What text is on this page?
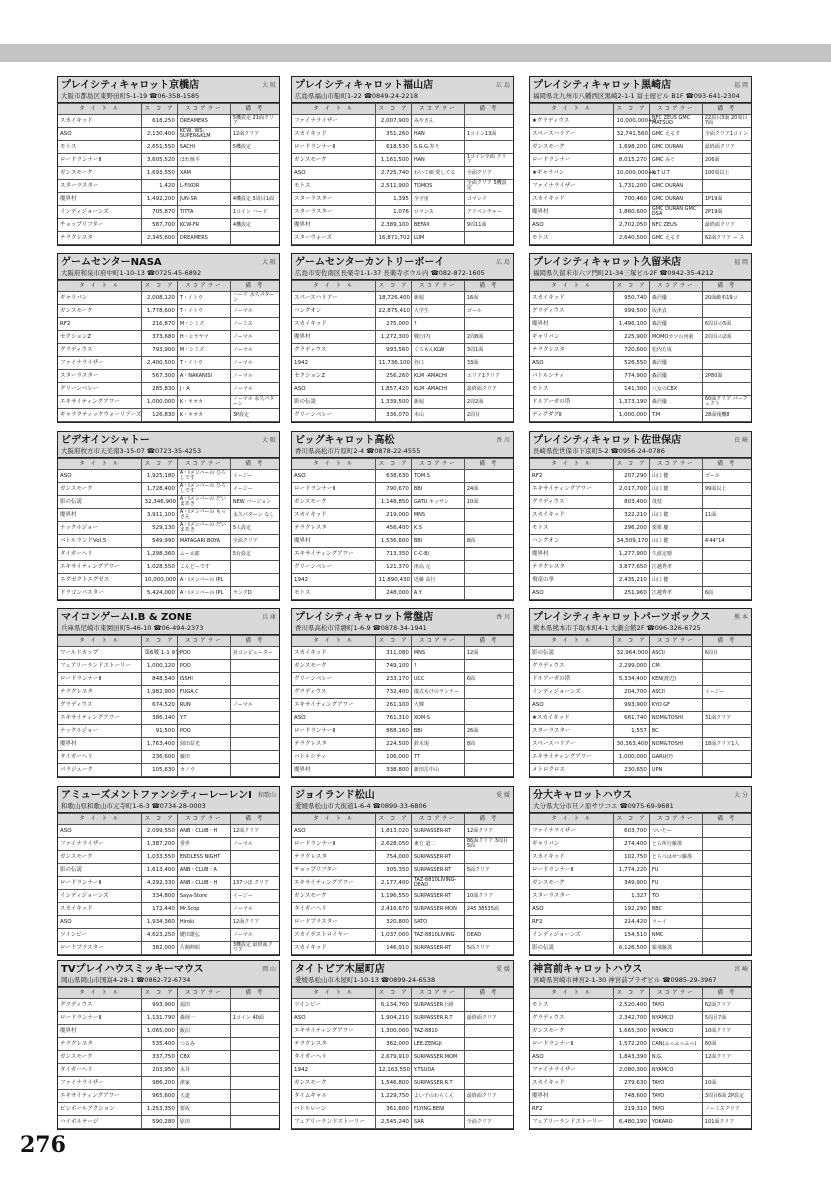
プレイシティキャロット京橋店	大 阪
大阪市都島区東野田町5-1-19 ☎06-358-1585
タ イ ト ル	ス コ ア	スコアラー	備 考
スカイキッド	618,250	DREAMERS	5機設定 21面クリア
ASO	2,130,400	KCW, WS, SUPER&KLM	12面クリア
モトス	2,651,550	SACHI	5機設定
ロードランナーⅡ	3,605,520	ほれ核平	
ガンスモーク	1,693,550	XAM	
スターラスター	1,420	L-FIXOR	
魔界村	1,492,200	JUN-SR	4機設定 5周目1面
インディジョーンズ	705,870	TITTA	1コイン ハード
チョップリフター	587,700	KCW-FR	4機設定
テラクレスタ	2,345,600	DREAMERS	
プレイシティキャロット福山店	広 島
広島県福山市船町1-22 ☎0849-24-2218
タ イ ト ル	ス コ ア	スコアラー	備 考
ファイナライザー	2,007,900	みやさん	
スカイキッド	351,260	HAN	1コイン13面
ロードランナーⅡ	618,530	S.G.G.寿り	
ガンスモーク	1,161,500	HAN	1コイン全面 クリア
ASO	2,725,740	わいて痛 愛してる	全面クリア
モトス	2,511,900	TOMOS	全面クリア 5機設定
スターラスター	1,395	全宇宙	コマンド
スターラスター	1,076	ロマンス	アドベンチャー
魔界村	2,389,100	BEFAX	9周11面
スターウォーズ	16,871,702	LUM	
プレイシティキャロット黒崎店	福 岡
福岡県北九州市八幡西区黒崎2-1-1 富士屋ビル B1F ☎093-641-2304
タ イ ト ル	ス コ ア	スコアラー	備 考
★グラディウス	10,000,000+α	NFC ZEUS GMC MATSUO	22周目3面 20周目7面
スペースハリアー	32,741,560	GMC えるす	全面クリア1コイン
ガンスモーク	1,698,200	GMC DURAN	最終面クリア
ロードランナー	8,015,270	GMC みぐ	206面
★ギャラバン	10,000,000+α	K.T U.T	100周以上
ファイナライザー	1,731,200	GMC DURAN	
スカイキッド	700,460	GMC DURAN	1P19面
魔界村	1,860,600	GMC DURAN GMC DSA	2P19面
ASO	2,702,050	NFC ZEUS	最終面クリア
モトス	2,640,500	GMC えるす	62面クリア ー ス
ゲームセンターNASA	大 阪
大阪府和泉市府中町1-10-13 ☎0725-45-6892
タ イ ト ル	ス コ ア	スコアラー	備 考
ギャリバン	2,008,120	T・イトウ	ハード 永久パターン
ガンスモーク	1,778,600	T・イトウ	ノーマル
RF2	216,870	M・シミズ	ノーミス
セクションZ	373,680	H・ヒラヤマ	ノーマル
グラディウス	793,900	M・シミズ	ノーマル
ファイナライザー	2,400,500	T・イトウ	ノーマル
スターラスター	567,300	A・NAKANISI	ノーマル
グリーンベレー	285,830	J・A	ノーマル
エキサイティングアワー	1,000,000	K・キオカ	ノーマル 永久パターン
ギャラクティックウォーリアーズ	126,830	K・キオカ	3P設定
ゲームセンターカントリーボーイ	広 島
広島市安佐南区長楽寺1-1-37 長楽寺ボウル内 ☎082-872-1605
タ イ ト ル	ス コ ア	スコアラー	備 考
スペースハリアー	18,726,400	新堀	16面
ハングオン	22,875,410	大学生	ゴール
スカイキッド	275,000	?	
魔界村	1,272,300	戦行(?)	2周8面
グラディウス	993,560	くろもんKLW	3周1面
1942	11,736,100	谷口	33面
セクションZ	256,260	KLM -AMACHI	エリア1クリア
ASO	1,857,420	KLM -AMACHI	最終面クリア
影の伝説	1,339,500	新堀	2周2面
グリーンベレー	336,070	本山	2周目
プレイシティキャロット久留米店	福 岡
福岡県久留米市六ツ門町21-34三塚ビル2F ☎0942-35-4212
タ イ ト ル	ス コ ア	スコアラー	備 考
スカイキッド	950,740	森沢優	20面敵車19コ
グラディウス	999,500	坂津貞	
魔界村	1,496,100	森沢優	6周目の5面
ギャリバン	225,900	MOMOカツの河童	2周目の2面
テラクレスタ	720,600	松内方成	
ASO	526,550	森沢優	
バトルシティ	774,900	森沢優	2P80面
モトス	141,300	八女のCBX	
ドルアーガの塔	1,373,190	森沢優	60面クリア パーフェクト
ディグダグⅡ	1,000,000	T.M	28面残機8
ビデオインシャトー	大 阪
大阪府枚方市天美南3-15-07 ☎0723-35-4253
タ イ ト ル	ス コ ア	スコアラー	備 考
ASO	1,925,180	A・Iメンバーの ひろしです	イージー
ガンスモーク	1,728,400	A・Iメンバーの ひろしです	イージー
影の伝説	32,346,900	A・Iメンバーの だいまあき	NEW バージョン
魔界村	3,911,100	A・Iメンバーの もっさん	永久パターン なし
ナックルジョー	529,130	A・Iメンバーの だいまあき	5人設定
バトルランドVol.5	549,990	MATAGARI BOYA	全面クリア
タイガーヘリ	1,298,360	ムー太郎	5台設定
エキサイティングアワー	1,028,550	こんどーです	
エグゼクトエグゼス	10,000,000	A・Iメンバーの IPL	
ドラゴンバスター	5,424,000	A・Iメンバーの IPL	ランクD
ビッグキャロット高松	香 川
香川県高松市片原町2-4 ☎0878-22-4555
タ イ ト ル	ス コ ア	スコアラー	備 考
ASO	638,630	TOM.S	
ロードランナーⅡ	790,670	BBI	24面
ガンスモーク	1,148,850	GATU キッサン	10面
スカイキッド	219,000	MNS	
テラクレスタ	456,400	K.S	
魔界村	1,536,600	BBI	8面
エキサイティングアワー	713,350	C-C-B/	
グリーンベレー	121,370	津高 元	
1942	11,890,430	近藤 高行	
モトス	248,000	A.Y	
プレイシティキャロット佐世保店	長 崎
長崎県佐世保市下京町5-2 ☎0956-24-0786
タ イ ト ル	ス コ ア	スコアラー	備 考
RF2	207,290	山口 健	ゴール
エキサイティングアワー	2,017,700	山口 健	99面以上
グラディウス	803,400	茂枝	
スカイキッド	322,210	山口 健	11面
モトス	296,200	栗栗 慶	
ハングオン	34,509,170	山口 健	4'44"14
魔界村	1,277,900	久波定晴	
テラクレスタ	3,877,650	江越秀孝	
飛竜の拳	2,435,210	山口 健	
ASO	251,960	江越秀孝	6面
マイコンゲームI.B & ZONE	兵 庫
兵庫県尼崎市東園田町5-46-10 ☎06-494-2373
タ イ ト ル	ス コ ア	スコアラー	備 考
ワールドカップ	第6戦 1-1 9分	POO	対コンピューター
フェアリーランドストーリー	1,000,120	POO	
ロードランナーⅡ	848,540	ISSHI	
テラクレスタ	1,982,900	FUGA.C	
グラディウス	674,520	RUN	ノーマル
エキサイティングアワー	386,140	Y.T	
ナックルジョー	91,500	POO	
魔界村	1,763,400	岡田益光	
タイガーヘリ	236,600	藤田	
パラジューク	105,630	カノウ	
プレイシティキャロット常盤店	香 川
香川県高松市常磐町1-6-9 ☎0878-34-1941
タ イ ト ル	ス コ ア	スコアラー	備 考
スカイキッド	311,080	MNS	12面
ガンスモーク	749,100	?	
グリーンベレー	233,170	UCC	6面
グラディウス	732,400	儀式もけのランナー	
エキサイティングアワー	261,100	大輝	
ASO	761,310	XOM·S	
ロードランナーⅡ	868,160	BBI	26面
テラクレスタ	224,500	鈴木現	8面
バトルシティ	106,000	TT	
魔界村	338,800	新田岳中山	
プレイシティキャロットパーツボックス	熊 本
熊本県熊本市手取本町4-1 大劇会館2F ☎096-326-6725
タ イ ト ル	ス コ ア	スコアラー	備 考
影の伝説	32,964,000	ASCII	6周目
グラディウス	2,299,000	CM	
ドルアーガの塔	5,334,400	KEN(渡辺)	
インディジョーンズ	204,700	ASCII	イージー
ASO	993,900	KYO GF	
★スカイキッド	661,740	NOM&TOSHI	31面クリア
スターラスター	1,557	BC	
スペースハリアー	30,363,400	NOM&TOSHI	18面クリア1人
エキサイティングアワー	1,000,000	GARU(?)	
メトロクロス	230,650	UPN	
アミューズメントファンシティーレーレンI	和歌山
和歌山県和歌山市元寺町1-6-3 ☎0734-28-0003
タ イ ト ル	ス コ ア	スコアラー	備 考
ASO	2,099,550	ANB・CLUB・H	12面クリア
ファイナライザー	1,387,200	垂世	ノーマル
ガンスモーク	1,033,550	ENDLESS NIGHT	
影の伝説	1,613,400	ANB・CLUB・A	
ロードランナーⅡ	4,292,330	ANB・CLUB・H	137つぼ クリア
インディジョーンズ	334,800	Saya-Store	イージー
スカイキッド	172,440	Mr.Scop	ノーマル
ASO	1,934,360	Hiroki	12面クリア
ツインビー	4,623,250	鍵田雄弘	ノーマル
ロードブラスター	382,000	片桐伸昭	3機設定 最終面クリア
ジョイランド松山	愛 媛
愛媛県松山市大街道1-6-4 ☎0899-33-6806
タ イ ト ル	ス コ ア	スコアラー	備 考
ASO	1,813,020	SURPASSER-RT	12面クリア
ロードランナーⅡ	2,628,050	東方 道二	86面クリア 3周目5面
テラクレスタ	754,000	SURPASSER-RT	
チョップリフター	305,350	SURPASSER-RT	5面クリア
エキサイティングアワー	2,177,400	TAZ-8810LIVING-DEAD	
ガンスモーク	1,196,550	SURPASSER-RT	10面クリア
タイガーヘリ	2,416,670	SURPASSER-MON	245 38535面
ロードブラスター	320,800	SATO	
スカイデストロイヤー	1,037,000	TAZ-8810LIVING	DEAD
スカイキッド	146,910	SURPASSER-RT	5面クリア
分大キャロットハウス	大 分
大分県大分市旦ノ原サワコエ ☎0975-69-9681
タ イ ト ル	ス コ ア	スコアラー	備 考
ファイナライザー	603,700	ついたー	
ギャリバン	274,400	とら所行藤那	
スカイキッド	102,750	とらべはせつ藤那	
ロードランナーⅡ	1,774,220	FU	
ガンスモーク	349,900	FU	
スターラスター	1,327	TO	
ASO	192,290	BBC	
RF2	214,420	ツーイ	
インディジョーンズ	154,510	NMC	
影の伝説	6,126,500	猿飛藤那	
TVプレイハウスミッキーマウス	岡 山
岡山県岡山市国富4-28-1 ☎0862-72-6734
タ イ ト ル	ス コ ア	スコアラー	備 考
グラディウス	993,900	福田	
ロードランナーⅡ	1,131,790	森岡一	1コイン 40面
魔界村	1,065,000	飯泊	
テラクレスタ	535,400	つるみ	
ガンスモーク	337,750	CBX	
タイガーヘリ	203,950	永井	
ファイナライザー	986,200	津家	
エキサイティングアワー	965,600	人道	
ピンボールアクション	1,253,350	要坂	
ハイボルテージ	590,280	原田	
タイトピア木屋町店	愛 媛
愛媛県松山市木屋町1-10-13 ☎0899-24-6538
タ イ ト ル	ス コ ア	スコアラー	備 考
ツインビー	6,134,760	SURPASSER上岡	
ASO	1,904,210	SURPASSER.R.T	最終面クリア
エキサイティングアワー	1,300,000	TAZ-8810	
テラクレスタ	362,000	LEE.ZENGJI	
タイガーヘリ	2,679,910	SURPASSER.MOM	
1942	12,163,550	Y.TSUDA	
ガンスモーク	1,546,800	SURPASSER.R.T	
タイムギャル	1,229,750	よい子のわらくん	最終面クリア
バトルレーン	361,600	FLYING.BENI	
フェアリーランドストーリー	2,545,240	SAR	全面クリア
神宮前キャロットハウス	宮 崎
宮崎県宮崎市神宮2-1-30 神宮前プラザビル ☎0985-29-3967
タ イ ト ル	ス コ ア	スコアラー	備 考
モトス	2,520,400	TAYO	62面クリア
グラディウス	2,342,700	NYAMCO	5周目7面
ガンスモーク	1,665,300	NYAMCO	10面クリア
ロードランナーⅡ	1,572,200	CAN(ふっふっふっ)	60面
ASO	1,843,390	N.G.	12面クリア
ファイナライザー	2,080,300	NYAMCO	
スカイキッド	279,630	TAYO	10面
魔界村	748,600	TAYO	3周目6面 2P設定
RF2	219,310	TAYO	ノーミスクリア
フェアリーランドストーリー	6,480,190	YOKARO	101面クリア
276
